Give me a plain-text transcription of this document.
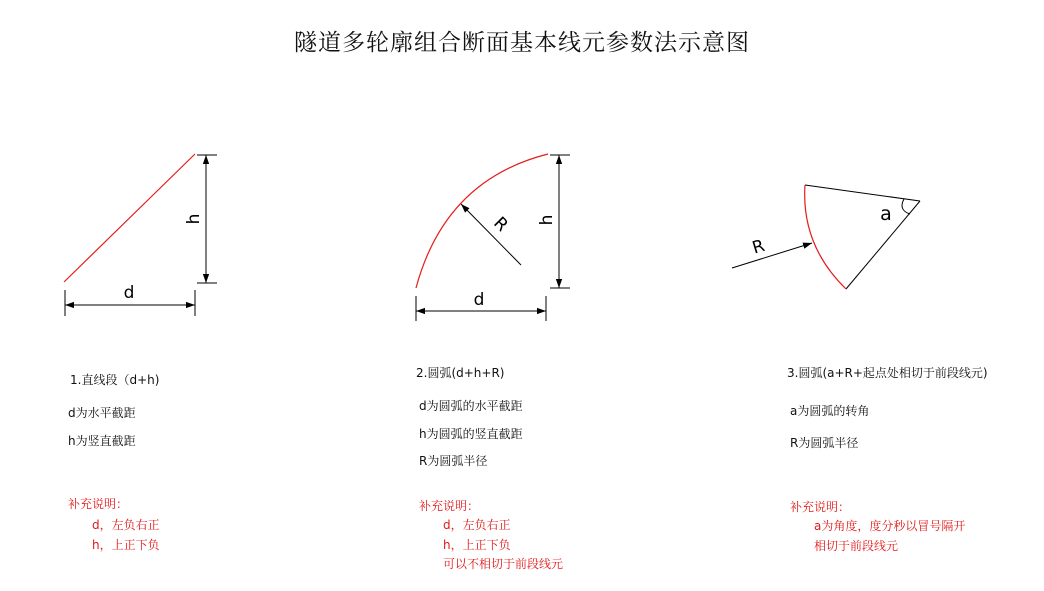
隧道多轮廓组合断面基本线元参数法示意图
d
h	R
d
h	a
R
1.直线段（d+h)
d为水平截距
h为竖直截距
补充说明：
d，左负右正
h，上正下负
2.圆弧(d+h+R)
d为圆弧的水平截距
h为圆弧的竖直截距
R为圆弧半径
补充说明：
d，左负右正
h，上正下负
可以不相切于前段线元
3.圆弧(a+R+起点处相切于前段线元)
a为圆弧的转角
R为圆弧半径
补充说明：
a为角度，度分秒以冒号隔开
相切于前段线元
